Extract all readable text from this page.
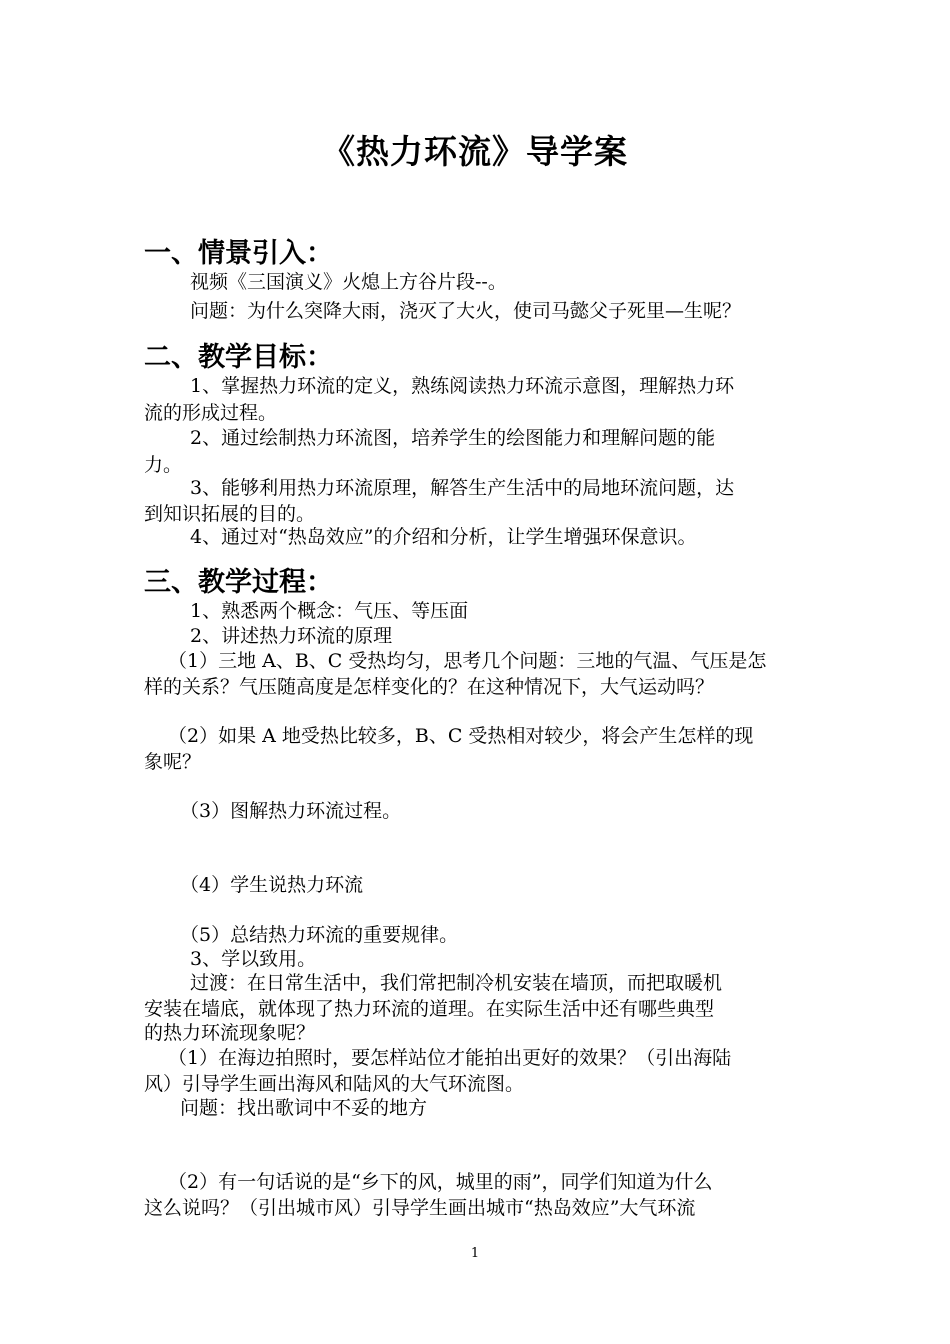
《热力环流》导学案
一、情景引入：
视频《三国演义》火熄上方谷片段--。
问题：为什么突降大雨，浇灭了大火，使司马懿父子死里—生呢？
二、教学目标：
1、掌握热力环流的定义，熟练阅读热力环流示意图，理解热力环
流的形成过程。
2、通过绘制热力环流图，培养学生的绘图能力和理解问题的能
力。
3、能够利用热力环流原理，解答生产生活中的局地环流问题，达
到知识拓展的目的。
4、通过对“热岛效应”的介绍和分析，让学生增强环保意识。
三、教学过程：
1、熟悉两个概念：气压、等压面
2、讲述热力环流的原理
（1）三地 A、B、C 受热均匀，思考几个问题：三地的气温、气压是怎
样的关系？气压随高度是怎样变化的？在这种情况下，大气运动吗？
（2）如果 A 地受热比较多，B、C 受热相对较少，将会产生怎样的现
象呢？
（3）图解热力环流过程。
（4）学生说热力环流
（5）总结热力环流的重要规律。
3、学以致用。
过渡：在日常生活中，我们常把制冷机安装在墙顶，而把取暖机
安装在墙底，就体现了热力环流的道理。在实际生活中还有哪些典型
的热力环流现象呢？
（1）在海边拍照时，要怎样站位才能拍出更好的效果？（引出海陆
风）引导学生画出海风和陆风的大气环流图。
问题：找出歌词中不妥的地方
（2）有一句话说的是“乡下的风，城里的雨”，同学们知道为什么
这么说吗？（引出城市风）引导学生画出城市“热岛效应”大气环流
1
